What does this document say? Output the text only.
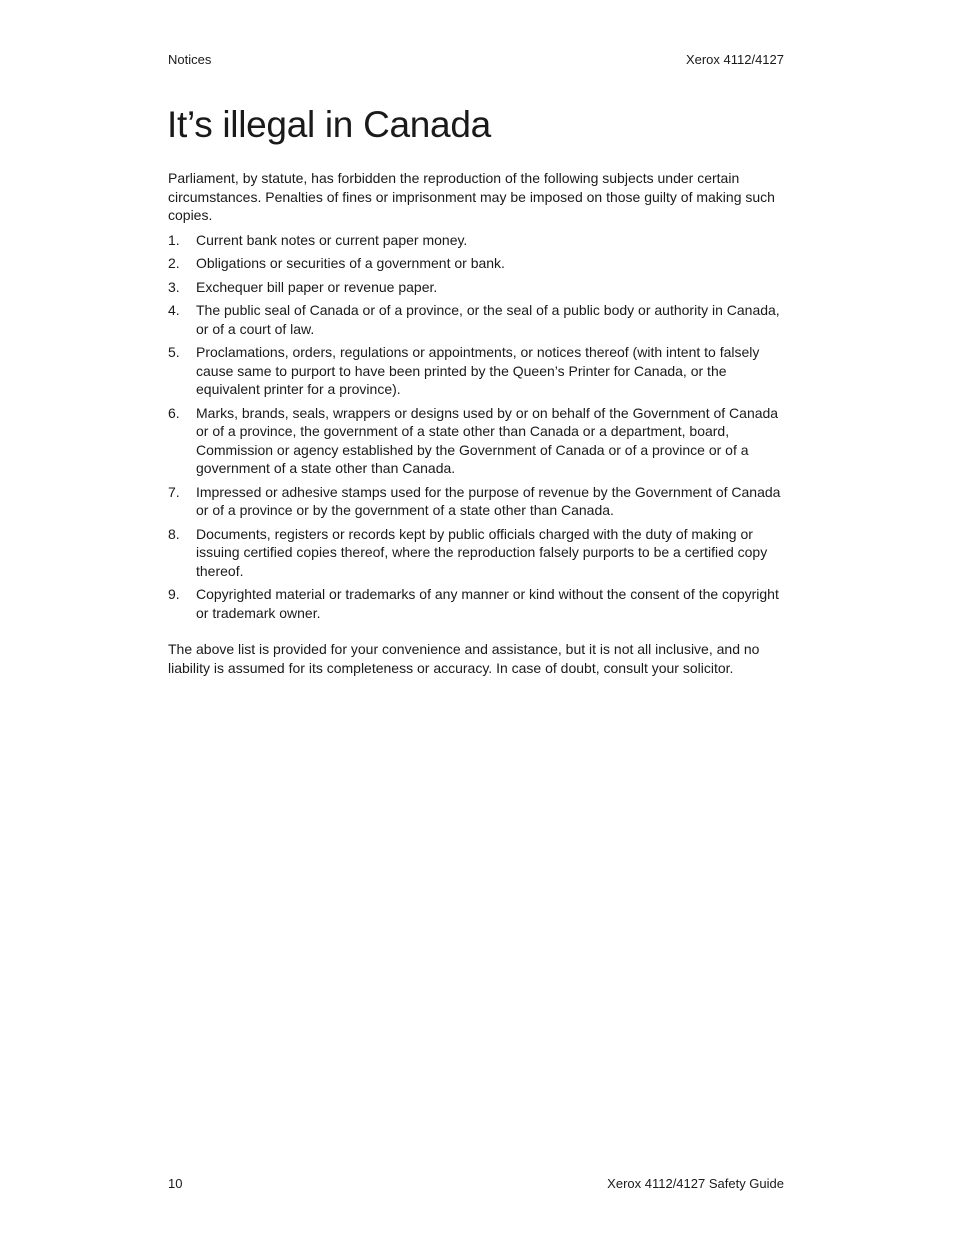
Notices	Xerox 4112/4127
It’s illegal in Canada

Parliament, by statute, has forbidden the reproduction of the following subjects under certain circumstances. Penalties of fines or imprisonment may be imposed on those guilty of making such copies.

1. Current bank notes or current paper money.
2. Obligations or securities of a government or bank.
3. Exchequer bill paper or revenue paper.
4. The public seal of Canada or of a province, or the seal of a public body or authority in Canada, or of a court of law.
5. Proclamations, orders, regulations or appointments, or notices thereof (with intent to falsely cause same to purport to have been printed by the Queen’s Printer for Canada, or the equivalent printer for a province).
6. Marks, brands, seals, wrappers or designs used by or on behalf of the Government of Canada or of a province, the government of a state other than Canada or a department, board, Commission or agency established by the Government of Canada or of a province or of a government of a state other than Canada.
7. Impressed or adhesive stamps used for the purpose of revenue by the Government of Canada or of a province or by the government of a state other than Canada.
8. Documents, registers or records kept by public officials charged with the duty of making or issuing certified copies thereof, where the reproduction falsely purports to be a certified copy thereof.
9. Copyrighted material or trademarks of any manner or kind without the consent of the copyright or trademark owner.

The above list is provided for your convenience and assistance, but it is not all inclusive, and no liability is assumed for its completeness or accuracy. In case of doubt, consult your solicitor.

10	Xerox 4112/4127 Safety Guide
